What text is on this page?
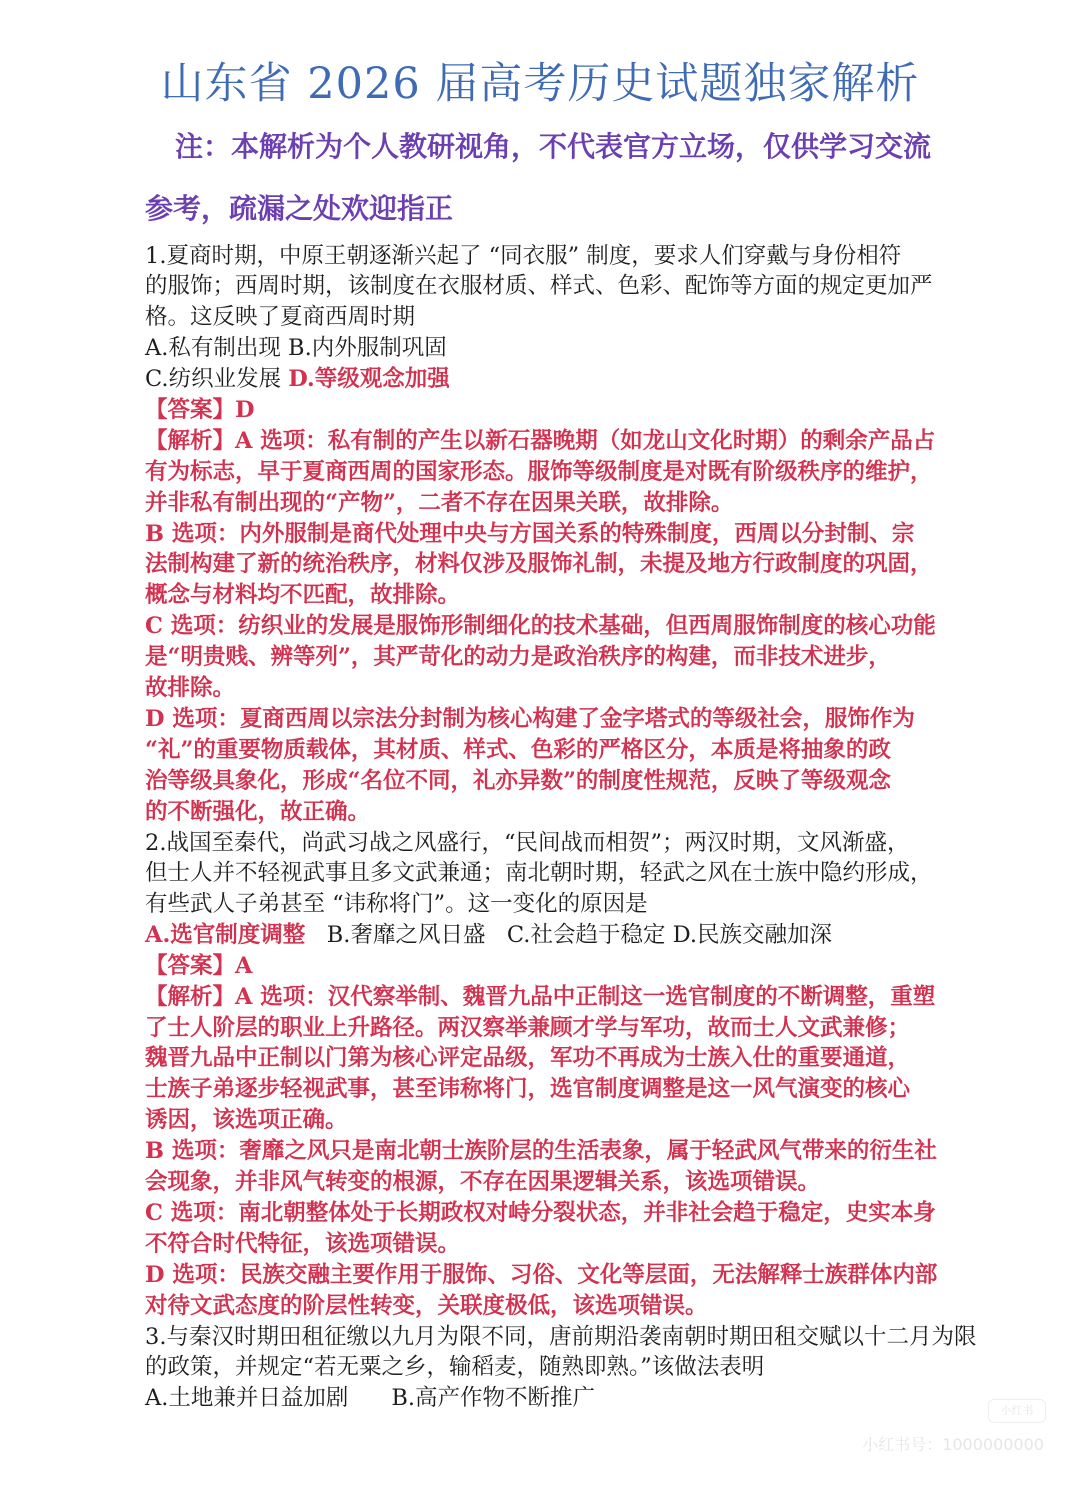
山东省 2026 届高考历史试题独家解析
注：本解析为个人教研视角，不代表官方立场，仅供学习交流
参考，疏漏之处欢迎指正
1.夏商时期，中原王朝逐渐兴起了 “同衣服” 制度，要求人们穿戴与身份相符
的服饰；西周时期，该制度在衣服材质、样式、色彩、配饰等方面的规定更加严
格。这反映了夏商西周时期
A.私有制出现 B.内外服制巩固
C.纺织业发展 D.等级观念加强
【答案】D
【解析】A 选项：私有制的产生以新石器晚期（如龙山文化时期）的剩余产品占
有为标志，早于夏商西周的国家形态。服饰等级制度是对既有阶级秩序的维护，
并非私有制出现的“产物”，二者不存在因果关联，故排除。
B 选项：内外服制是商代处理中央与方国关系的特殊制度，西周以分封制、宗
法制构建了新的统治秩序，材料仅涉及服饰礼制，未提及地方行政制度的巩固，
概念与材料均不匹配，故排除。
C 选项：纺织业的发展是服饰形制细化的技术基础，但西周服饰制度的核心功能
是“明贵贱、辨等列”，其严苛化的动力是政治秩序的构建，而非技术进步，
故排除。
D 选项：夏商西周以宗法分封制为核心构建了金字塔式的等级社会，服饰作为
“礼”的重要物质载体，其材质、样式、色彩的严格区分，本质是将抽象的政
治等级具象化，形成“名位不同，礼亦异数”的制度性规范，反映了等级观念
的不断强化，故正确。
2.战国至秦代，尚武习战之风盛行，“民间战而相贺”；两汉时期，文风渐盛，
但士人并不轻视武事且多文武兼通；南北朝时期，轻武之风在士族中隐约形成，
有些武人子弟甚至 “讳称将门”。这一变化的原因是
A.选官制度调整   B.奢靡之风日盛   C.社会趋于稳定 D.民族交融加深
【答案】A
【解析】A 选项：汉代察举制、魏晋九品中正制这一选官制度的不断调整，重塑
了士人阶层的职业上升路径。两汉察举兼顾才学与军功，故而士人文武兼修；
魏晋九品中正制以门第为核心评定品级，军功不再成为士族入仕的重要通道，
士族子弟逐步轻视武事，甚至讳称将门，选官制度调整是这一风气演变的核心
诱因，该选项正确。
B 选项：奢靡之风只是南北朝士族阶层的生活表象，属于轻武风气带来的衍生社
会现象，并非风气转变的根源，不存在因果逻辑关系，该选项错误。
C 选项：南北朝整体处于长期政权对峙分裂状态，并非社会趋于稳定，史实本身
不符合时代特征，该选项错误。
D 选项：民族交融主要作用于服饰、习俗、文化等层面，无法解释士族群体内部
对待文武态度的阶层性转变，关联度极低，该选项错误。
3.与秦汉时期田租征缴以九月为限不同，唐前期沿袭南朝时期田租交赋以十二月为限
的政策，并规定“若无粟之乡，输稻麦，随熟即熟。”该做法表明
A.土地兼并日益加剧      B.高产作物不断推广	小红书
小红书号：1000000000
